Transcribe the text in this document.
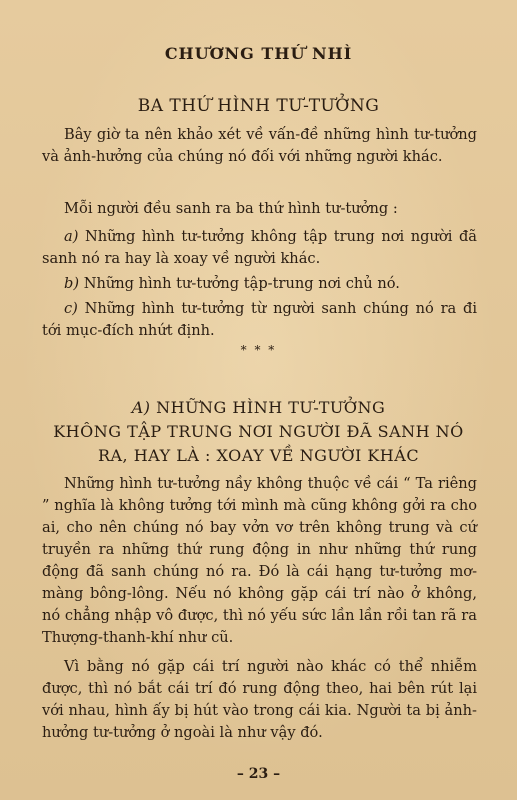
CHƯƠNG THỨ NHÌ
BA THỨ HÌNH TƯ-TƯỞNG

Bây giờ ta nên khảo xét về vấn-đề những hình tư-tưởng và ảnh-hưởng của chúng nó đối với những người khác.

Mỗi người đều sanh ra ba thứ hình tư-tưởng :

a) Những hình tư-tưởng không tập trung nơi người đã sanh nó ra hay là xoay về người khác.

b) Những hình tư-tưởng tập-trung nơi chủ nó.

c) Những hình tư-tưởng từ người sanh chúng nó ra đi tới mục-đích nhứt định.

* * *
A) NHỮNG HÌNH TƯ-TƯỞNG
KHÔNG TẬP TRUNG NƠI NGƯỜI ĐÃ SANH NÓ
RA, HAY LÀ : XOAY VỀ NGƯỜI KHÁC

Những hình tư-tưởng nầy không thuộc về cái “ Ta riêng ” nghĩa là không tưởng tới mình mà cũng không gởi ra cho ai, cho nên chúng nó bay vởn vơ trên không trung và cứ truyền ra những thứ rung động in như những thứ rung động đã sanh chúng nó ra. Đó là cái hạng tư-tưởng mơ-màng bông-lông. Nếu nó không gặp cái trí nào ở không, nó chẳng nhập vô được, thì nó yếu sức lần lần rồi tan rã ra Thượng-thanh-khí như cũ.

Vì bằng nó gặp cái trí người nào khác có thể nhiễm được, thì nó bắt cái trí đó rung động theo, hai bên rút lại với nhau, hình ấy bị hút vào trong cái kia. Người ta bị ảnh-hưởng tư-tưởng ở ngoài là như vậy đó.

– 23 –
